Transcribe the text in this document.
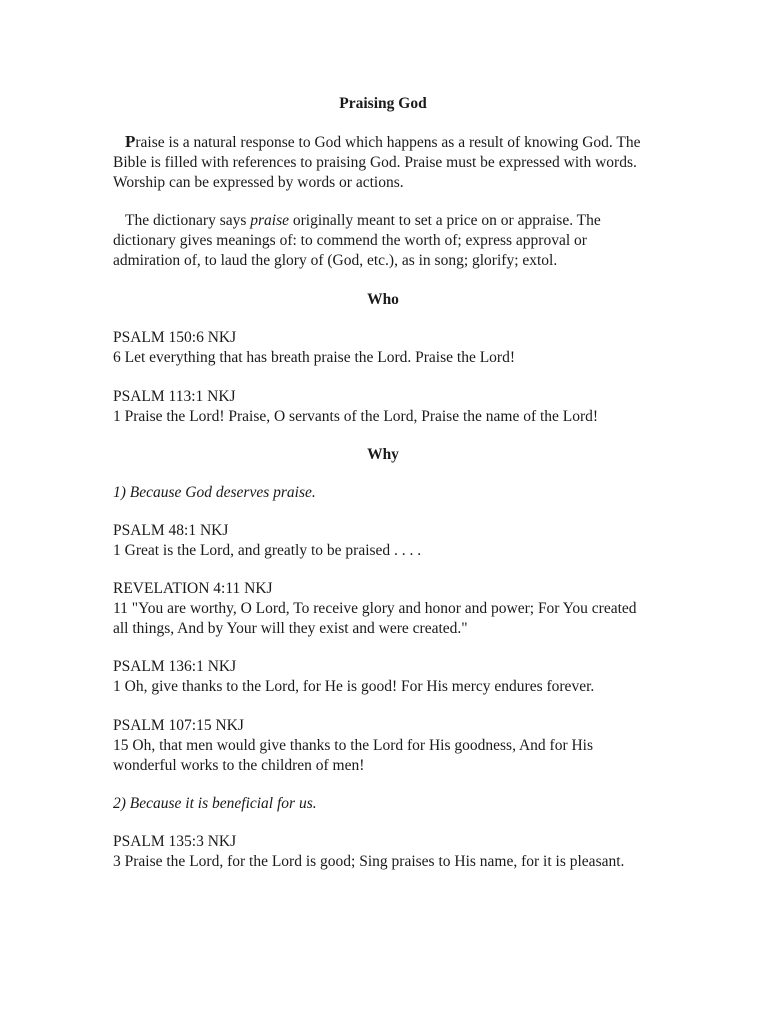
Praising God

Praise is a natural response to God which happens as a result of knowing God. The Bible is filled with references to praising God. Praise must be expressed with words. Worship can be expressed by words or actions.

The dictionary says praise originally meant to set a price on or appraise. The dictionary gives meanings of: to commend the worth of; express approval or admiration of, to laud the glory of (God, etc.), as in song; glorify; extol.

Who
PSALM 150:6 NKJ
6 Let everything that has breath praise the Lord. Praise the Lord!
PSALM 113:1 NKJ
1 Praise the Lord! Praise, O servants of the Lord, Praise the name of the Lord!
Why
1) Because God deserves praise.
PSALM 48:1 NKJ
1 Great is the Lord, and greatly to be praised . . . .
REVELATION 4:11 NKJ
11 "You are worthy, O Lord, To receive glory and honor and power; For You created all things, And by Your will they exist and were created."
PSALM 136:1 NKJ
1 Oh, give thanks to the Lord, for He is good! For His mercy endures forever.
PSALM 107:15 NKJ
15 Oh, that men would give thanks to the Lord for His goodness, And for His wonderful works to the children of men!
2) Because it is beneficial for us.
PSALM 135:3 NKJ
3 Praise the Lord, for the Lord is good; Sing praises to His name, for it is pleasant.
